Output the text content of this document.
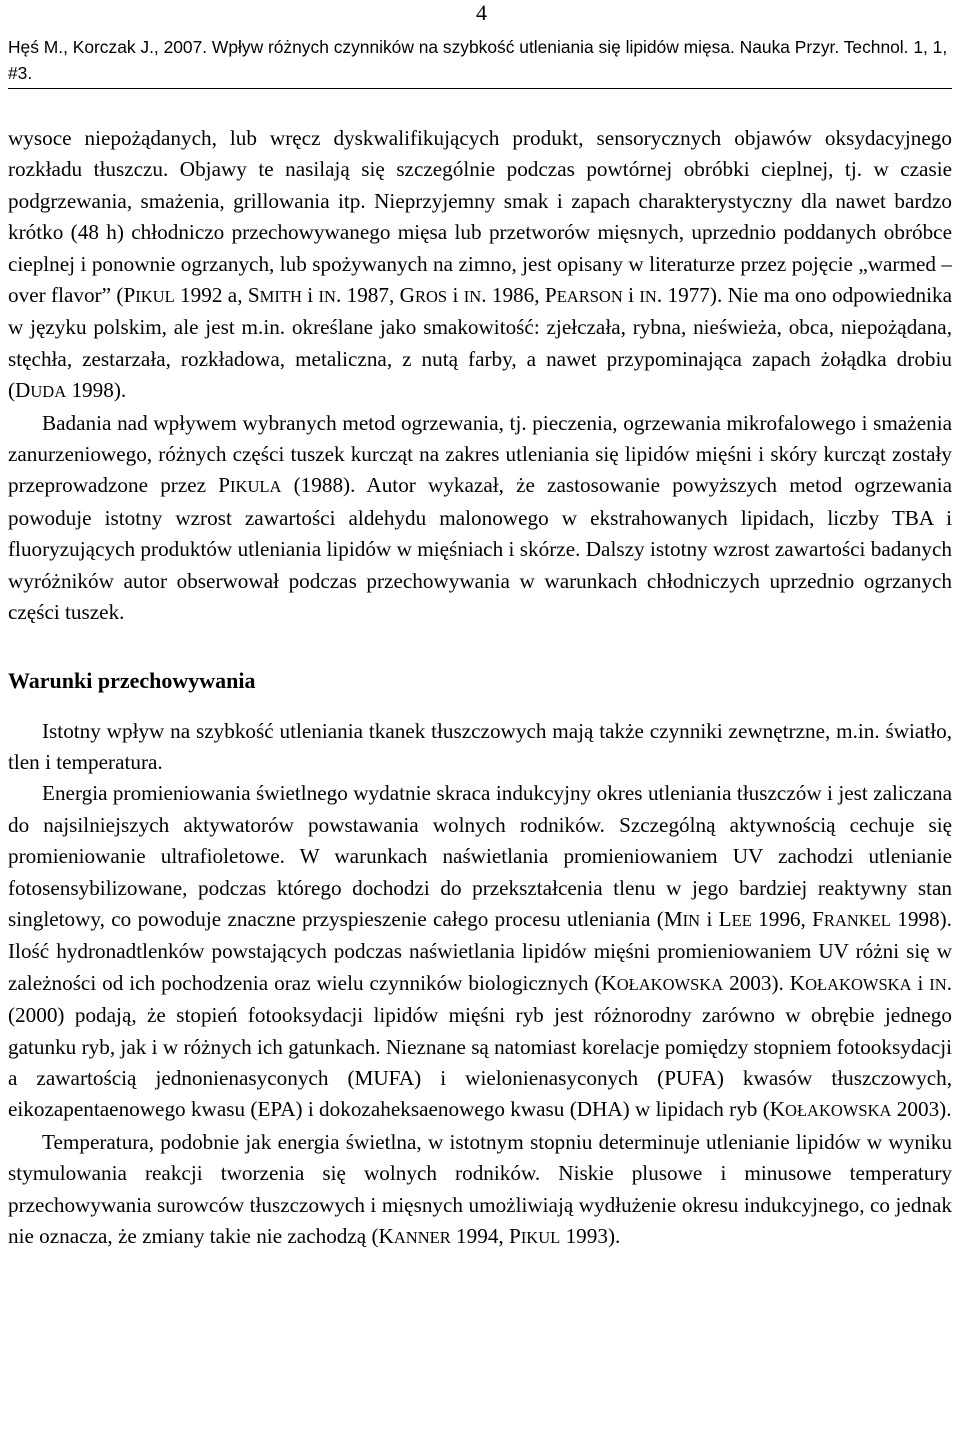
4
Hęś M., Korczak J., 2007. Wpływ różnych czynników na szybkość utleniania się lipidów mięsa. Nauka Przyr. Technol. 1, 1, #3.

wysoce niepożądanych, lub wręcz dyskwalifikujących produkt, sensorycznych objawów oksydacyjnego rozkładu tłuszczu. Objawy te nasilają się szczególnie podczas powtórnej obróbki cieplnej, tj. w czasie podgrzewania, smażenia, grillowania itp. Nieprzyjemny smak i zapach charakterystyczny dla nawet bardzo krótko (48 h) chłodniczo przechowywanego mięsa lub przetworów mięsnych, uprzednio poddanych obróbce cieplnej i ponownie ogrzanych, lub spożywanych na zimno, jest opisany w literaturze przez pojęcie „warmed – over flavor” (PIKUL 1992 a, SMITH i IN. 1987, GROS i IN. 1986, PEARSON i IN. 1977). Nie ma ono odpowiednika w języku polskim, ale jest m.in. określane jako smakowitość: zjełczała, rybna, nieświeża, obca, niepożądana, stęchła, zestarzała, rozkładowa, metaliczna, z nutą farby, a nawet przypominająca zapach żołądka drobiu (DUDA 1998).

Badania nad wpływem wybranych metod ogrzewania, tj. pieczenia, ogrzewania mikrofalowego i smażenia zanurzeniowego, różnych części tuszek kurcząt na zakres utleniania się lipidów mięśni i skóry kurcząt zostały przeprowadzone przez PIKULA (1988). Autor wykazał, że zastosowanie powyższych metod ogrzewania powoduje istotny wzrost zawartości aldehydu malonowego w ekstrahowanych lipidach, liczby TBA i fluoryzujących produktów utleniania lipidów w mięśniach i skórze. Dalszy istotny wzrost zawartości badanych wyróżników autor obserwował podczas przechowywania w warunkach chłodniczych uprzednio ogrzanych części tuszek.

Warunki przechowywania

Istotny wpływ na szybkość utleniania tkanek tłuszczowych mają także czynniki zewnętrzne, m.in. światło, tlen i temperatura.

Energia promieniowania świetlnego wydatnie skraca indukcyjny okres utleniania tłuszczów i jest zaliczana do najsilniejszych aktywatorów powstawania wolnych rodników. Szczególną aktywnością cechuje się promieniowanie ultrafioletowe. W warunkach naświetlania promieniowaniem UV zachodzi utlenianie fotosensybilizowane, podczas którego dochodzi do przekształcenia tlenu w jego bardziej reaktywny stan singletowy, co powoduje znaczne przyspieszenie całego procesu utleniania (MIN i LEE 1996, FRANKEL 1998). Ilość hydronadtlenków powstających podczas naświetlania lipidów mięśni promieniowaniem UV różni się w zależności od ich pochodzenia oraz wielu czynników biologicznych (KOŁAKOWSKA 2003). KOŁAKOWSKA i IN. (2000) podają, że stopień fotooksydacji lipidów mięśni ryb jest różnorodny zarówno w obrębie jednego gatunku ryb, jak i w różnych ich gatunkach. Nieznane są natomiast korelacje pomiędzy stopniem fotooksydacji a zawartością jednonienasyconych (MUFA) i wielonienasyconych (PUFA) kwasów tłuszczowych, eikozapentaenowego kwasu (EPA) i dokozaheksaenowego kwasu (DHA) w lipidach ryb (KOŁAKOWSKA 2003).

Temperatura, podobnie jak energia świetlna, w istotnym stopniu determinuje utlenianie lipidów w wyniku stymulowania reakcji tworzenia się wolnych rodników. Niskie plusowe i minusowe temperatury przechowywania surowców tłuszczowych i mięsnych umożliwiają wydłużenie okresu indukcyjnego, co jednak nie oznacza, że zmiany takie nie zachodzą (KANNER 1994, PIKUL 1993).
